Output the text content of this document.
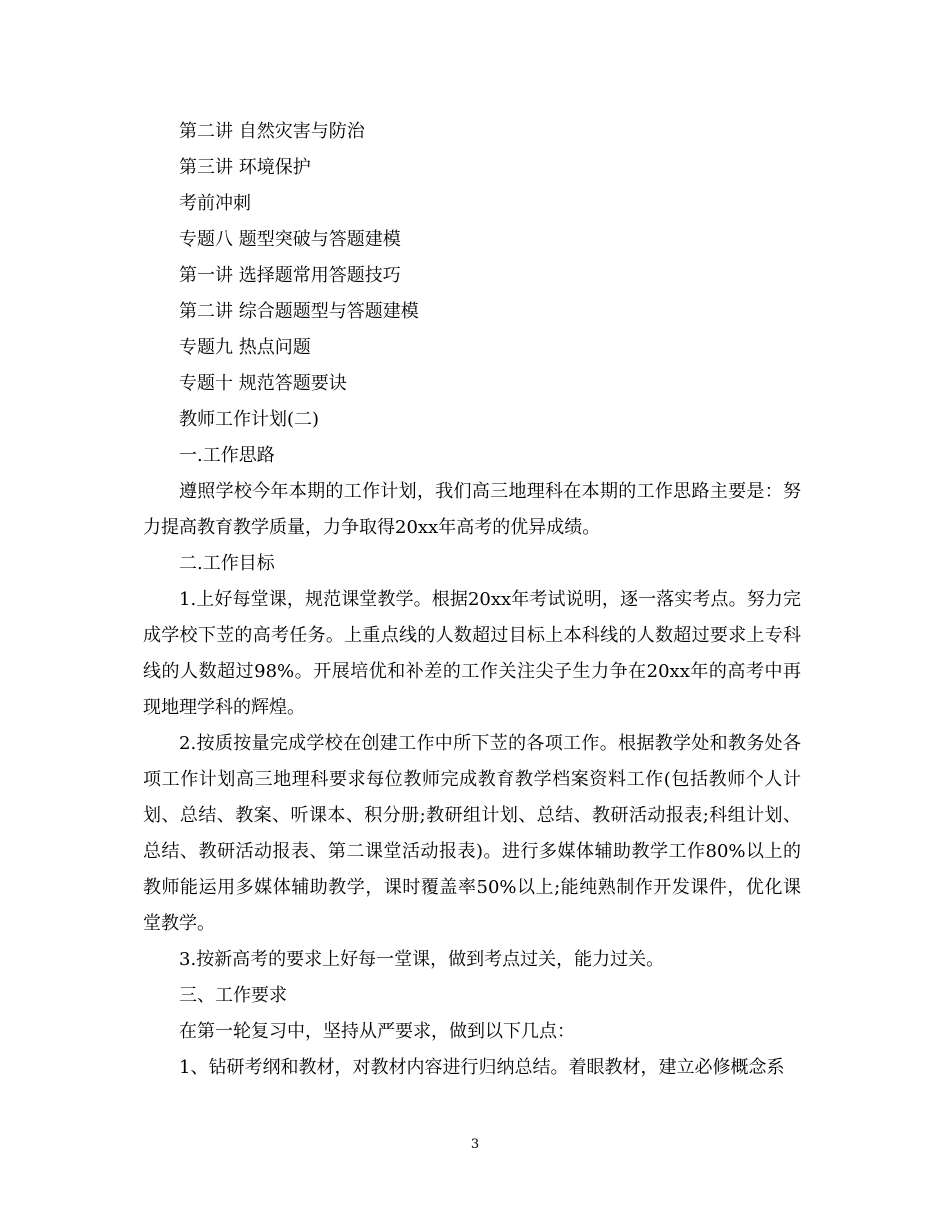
第二讲 自然灾害与防治

第三讲 环境保护

考前冲刺

专题八 题型突破与答题建模

第一讲 选择题常用答题技巧

第二讲 综合题题型与答题建模

专题九 热点问题

专题十 规范答题要诀

教师工作计划(二)

一.工作思路

遵照学校今年本期的工作计划，我们高三地理科在本期的工作思路主要是：努力提高教育教学质量，力争取得20xx年高考的优异成绩。

二.工作目标

1.上好每堂课，规范课堂教学。根据20xx年考试说明，逐一落实考点。努力完成学校下苙的高考任务。上重点线的人数超过目标上本科线的人数超过要求上专科线的人数超过98%。开展培优和补差的工作关注尖子生力争在20xx年的高考中再现地理学科的辉煌。

2.按质按量完成学校在创建工作中所下苙的各项工作。根据教学处和教务处各项工作计划高三地理科要求每位教师完成教育教学档案资料工作(包括教师个人计划、总结、教案、听课本、积分册;教研组计划、总结、教研活动报表;科组计划、总结、教研活动报表、第二课堂活动报表)。进行多媒体辅助教学工作80%以上的教师能运用多媒体辅助教学，课时覆盖率50%以上;能纯熟制作开发课件，优化课堂教学。

3.按新高考的要求上好每一堂课，做到考点过关，能力过关。

三、工作要求

在第一轮复习中，坚持从严要求，做到以下几点：

1、钻研考纲和教材，对教材内容进行归纳总结。着眼教材，建立必修概念系

3
